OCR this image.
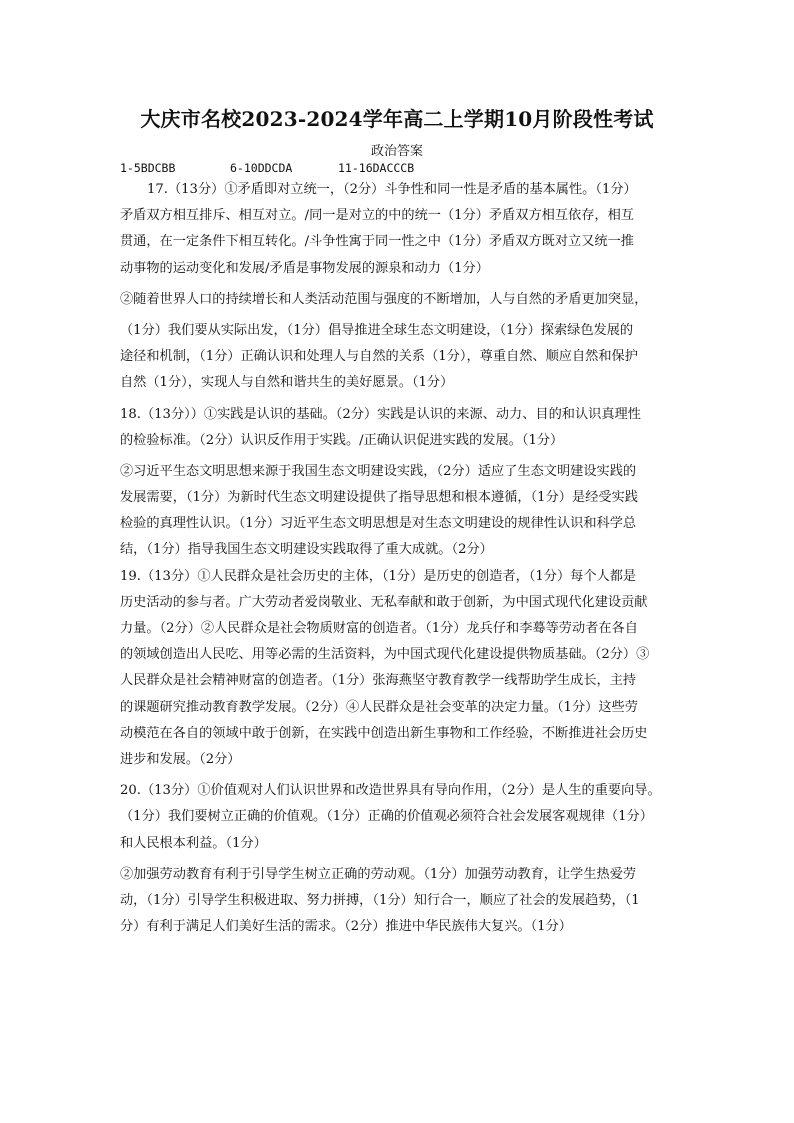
大庆市名校2023-2024学年高二上学期10月阶段性考试
政治答案
1-5BDCBB	6-10DDCDA	11-16DACCCB
17.（13分）①矛盾即对立统一，（2分）斗争性和同一性是矛盾的基本属性。（1分）
矛盾双方相互排斥、相互对立。/同一是对立的中的统一（1分）矛盾双方相互依存，相互
贯通，在一定条件下相互转化。/斗争性寓于同一性之中（1分）矛盾双方既对立又统一推
动事物的运动变化和发展/矛盾是事物发展的源泉和动力（1分）
②随着世界人口的持续增长和人类活动范围与强度的不断增加，人与自然的矛盾更加突显，
（1分）我们要从实际出发，（1分）倡导推进全球生态文明建设，（1分）探索绿色发展的
途径和机制，（1分）正确认识和处理人与自然的关系（1分），尊重自然、顺应自然和保护
自然（1分），实现人与自然和谐共生的美好愿景。（1分）
18.（13分））①实践是认识的基础。（2分）实践是认识的来源、动力、目的和认识真理性
的检验标准。（2分）认识反作用于实践。/正确认识促进实践的发展。（1分）
②习近平生态文明思想来源于我国生态文明建设实践，（2分）适应了生态文明建设实践的
发展需要，（1分）为新时代生态文明建设提供了指导思想和根本遵循，（1分）是经受实践
检验的真理性认识。（1分）习近平生态文明思想是对生态文明建设的规律性认识和科学总
结，（1分）指导我国生态文明建设实践取得了重大成就。（2分）
19.（13分）①人民群众是社会历史的主体，（1分）是历史的创造者，（1分）每个人都是
历史活动的参与者。广大劳动者爱岗敬业、无私奉献和敢于创新，为中国式现代化建设贡献
力量。（2分）②人民群众是社会物质财富的创造者。（1分）龙兵仔和李蓦等劳动者在各自
的领域创造出人民吃、用等必需的生活资料，为中国式现代化建设提供物质基础。（2分）③
人民群众是社会精神财富的创造者。（1分）张海燕坚守教育教学一线帮助学生成长，主持
的课题研究推动教育教学发展。（2分）④人民群众是社会变革的决定力量。（1分）这些劳
动模范在各自的领域中敢于创新，在实践中创造出新生事物和工作经验，不断推进社会历史
进步和发展。（2分）
20.（13分）①价值观对人们认识世界和改造世界具有导向作用，（2分）是人生的重要向导。
（1分）我们要树立正确的价值观。（1分）正确的价值观必须符合社会发展客观规律（1分）
和人民根本利益。（1分）
②加强劳动教育有利于引导学生树立正确的劳动观。（1分）加强劳动教育，让学生热爱劳
动，（1分）引导学生积极进取、努力拼搏，（1分）知行合一，顺应了社会的发展趋势，（1
分）有利于满足人们美好生活的需求。（2分）推进中华民族伟大复兴。（1分）
